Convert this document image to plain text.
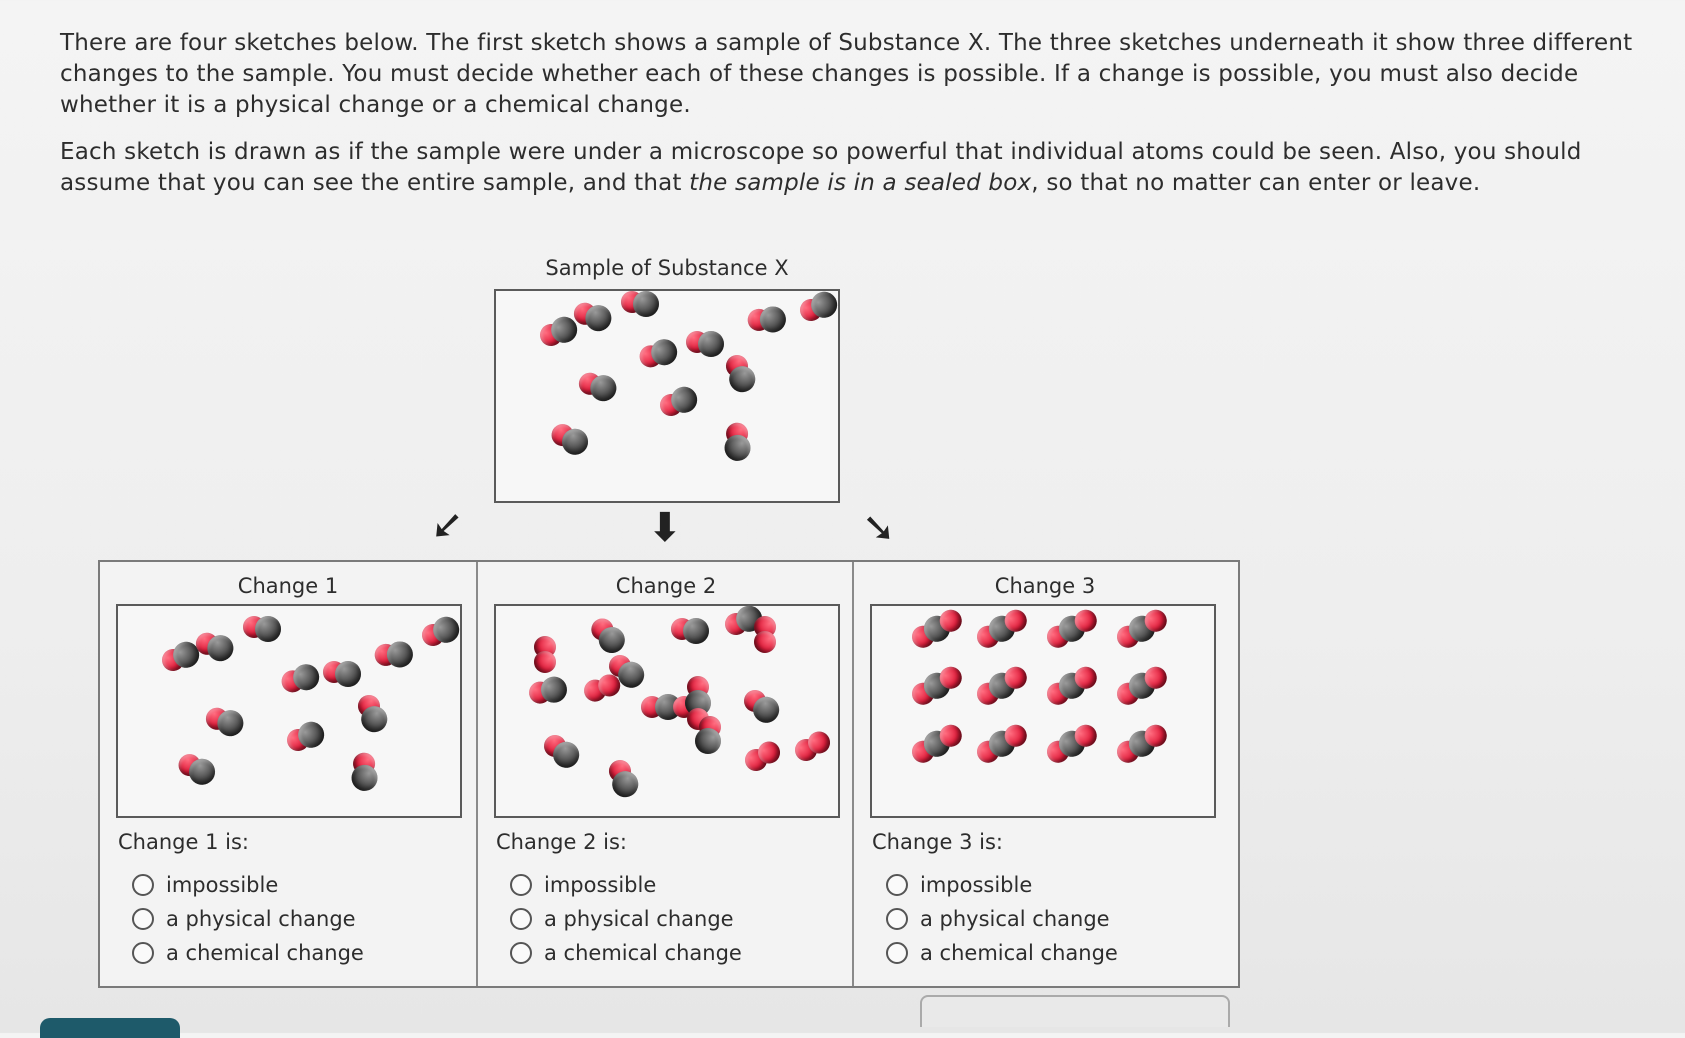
There are four sketches below. The first sketch shows a sample of Substance X. The three sketches underneath it show three different changes to the sample. You must decide whether each of these changes is possible. If a change is possible, you must also decide whether it is a physical change or a chemical change.

Each sketch is drawn as if the sample were under a microscope so powerful that individual atoms could be seen. Also, you should assume that you can see the entire sample, and that the sample is in a sealed box, so that no matter can enter or leave.

Sample of Substance X
➘	⬇	➘
Change 1
Change 1 is:
impossible
a physical change
a chemical change
Change 2
Change 2 is:
impossible
a physical change
a chemical change
Change 3
Change 3 is:
impossible
a physical change
a chemical change
